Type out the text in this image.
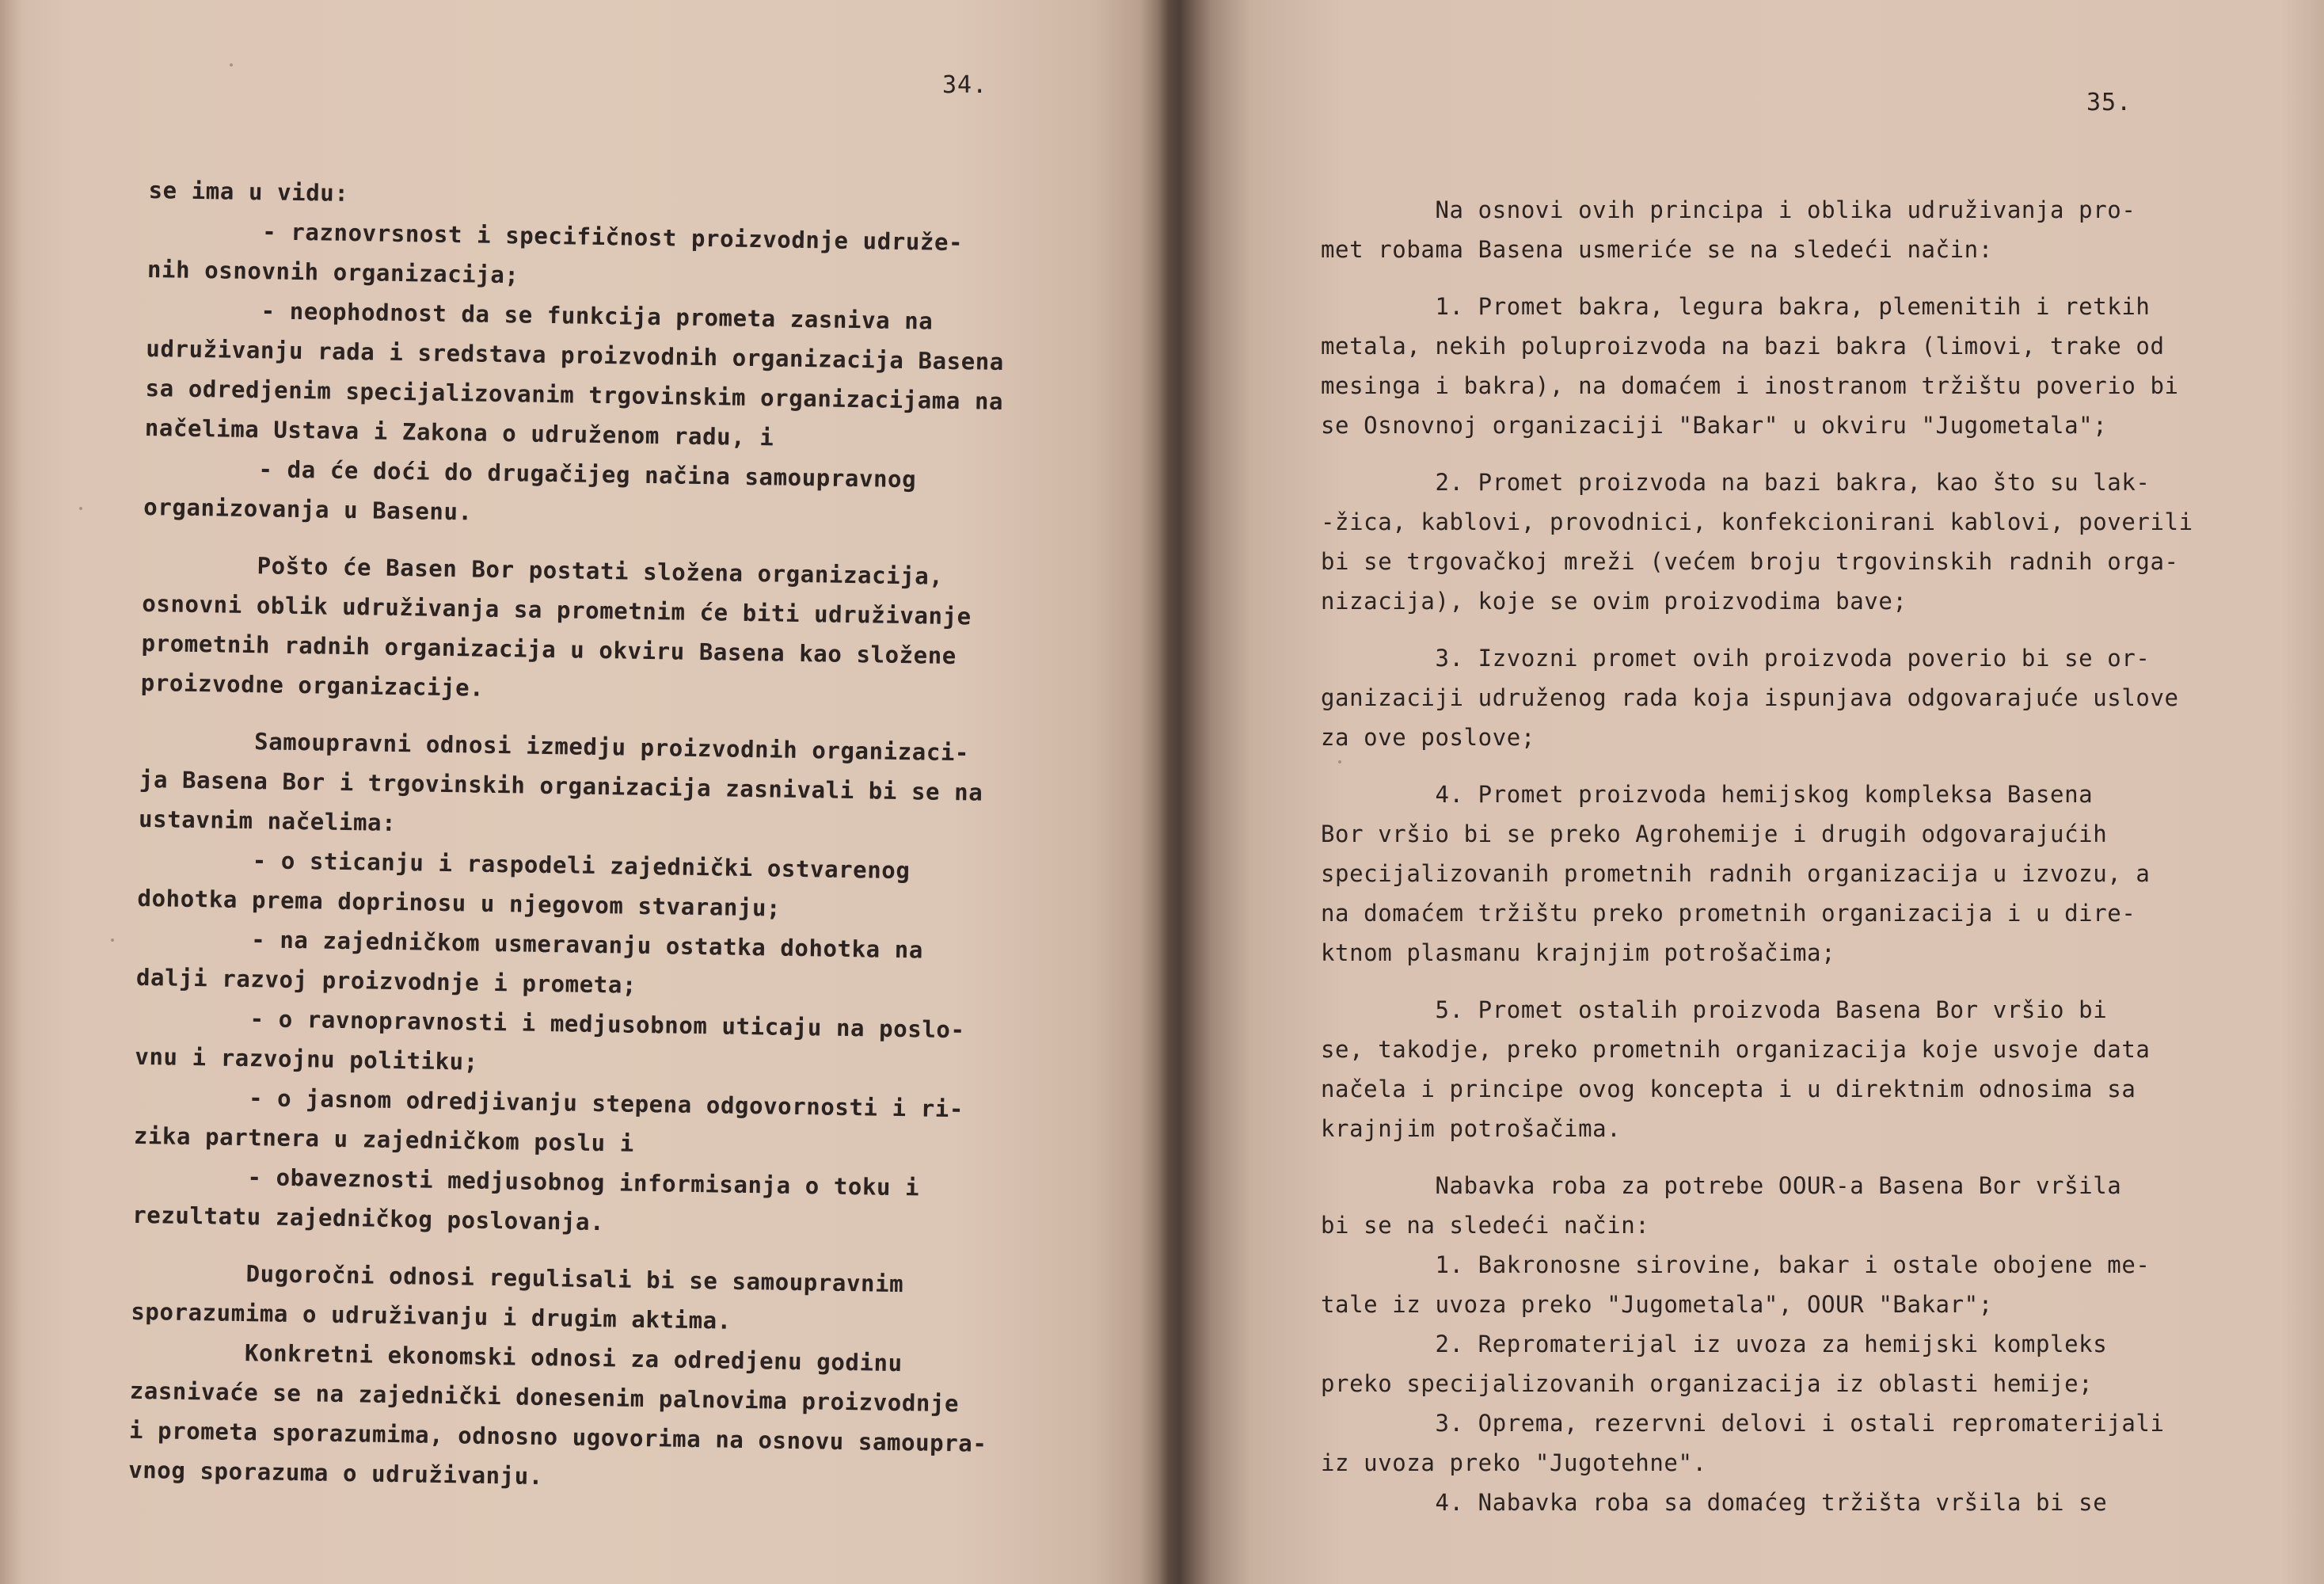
34.
se ima u vidu:
- raznovrsnost i specifičnost proizvodnje udruže-
nih osnovnih organizacija;
- neophodnost da se funkcija prometa zasniva na
udruživanju rada i sredstava proizvodnih organizacija Basena
sa odredjenim specijalizovanim trgovinskim organizacijama na
načelima Ustava i Zakona o udruženom radu, i
- da će doći do drugačijeg načina samoupravnog
organizovanja u Basenu.
Pošto će Basen Bor postati složena organizacija,
osnovni oblik udruživanja sa prometnim će biti udruživanje
prometnih radnih organizacija u okviru Basena kao složene
proizvodne organizacije.
Samoupravni odnosi izmedju proizvodnih organizaci-
ja Basena Bor i trgovinskih organizacija zasnivali bi se na
ustavnim načelima:
- o sticanju i raspodeli zajednički ostvarenog
dohotka prema doprinosu u njegovom stvaranju;
- na zajedničkom usmeravanju ostatka dohotka na
dalji razvoj proizvodnje i prometa;
- o ravnopravnosti i medjusobnom uticaju na poslo-
vnu i razvojnu politiku;
- o jasnom odredjivanju stepena odgovornosti i ri-
zika partnera u zajedničkom poslu i
- obaveznosti medjusobnog informisanja o toku i
rezultatu zajedničkog poslovanja.
Dugoročni odnosi regulisali bi se samoupravnim
sporazumima o udruživanju i drugim aktima.
Konkretni ekonomski odnosi za odredjenu godinu
zasnivaće se na zajednički donesenim palnovima proizvodnje
i prometa sporazumima, odnosno ugovorima na osnovu samoupra-
vnog sporazuma o udruživanju.
35.
Na osnovi ovih principa i oblika udruživanja pro-
met robama Basena usmeriće se na sledeći način:
1. Promet bakra, legura bakra, plemenitih i retkih
metala, nekih poluproizvoda na bazi bakra (limovi, trake od
mesinga i bakra), na domaćem i inostranom tržištu poverio bi
se Osnovnoj organizaciji "Bakar" u okviru "Jugometala";
2. Promet proizvoda na bazi bakra, kao što su lak-
-žica, kablovi, provodnici, konfekcionirani kablovi, poverili
bi se trgovačkoj mreži (većem broju trgovinskih radnih orga-
nizacija), koje se ovim proizvodima bave;
3. Izvozni promet ovih proizvoda poverio bi se or-
ganizaciji udruženog rada koja ispunjava odgovarajuće uslove
za ove poslove;
4. Promet proizvoda hemijskog kompleksa Basena
Bor vršio bi se preko Agrohemije i drugih odgovarajućih
specijalizovanih prometnih radnih organizacija u izvozu, a
na domaćem tržištu preko prometnih organizacija i u dire-
ktnom plasmanu krajnjim potrošačima;
5. Promet ostalih proizvoda Basena Bor vršio bi
se, takodje, preko prometnih organizacija koje usvoje data
načela i principe ovog koncepta i u direktnim odnosima sa
krajnjim potrošačima.
Nabavka roba za potrebe OOUR-a Basena Bor vršila
bi se na sledeći način:
1. Bakronosne sirovine, bakar i ostale obojene me-
tale iz uvoza preko "Jugometala", OOUR "Bakar";
2. Repromaterijal iz uvoza za hemijski kompleks
preko specijalizovanih organizacija iz oblasti hemije;
3. Oprema, rezervni delovi i ostali repromaterijali
iz uvoza preko "Jugotehne".
4. Nabavka roba sa domaćeg tržišta vršila bi se
